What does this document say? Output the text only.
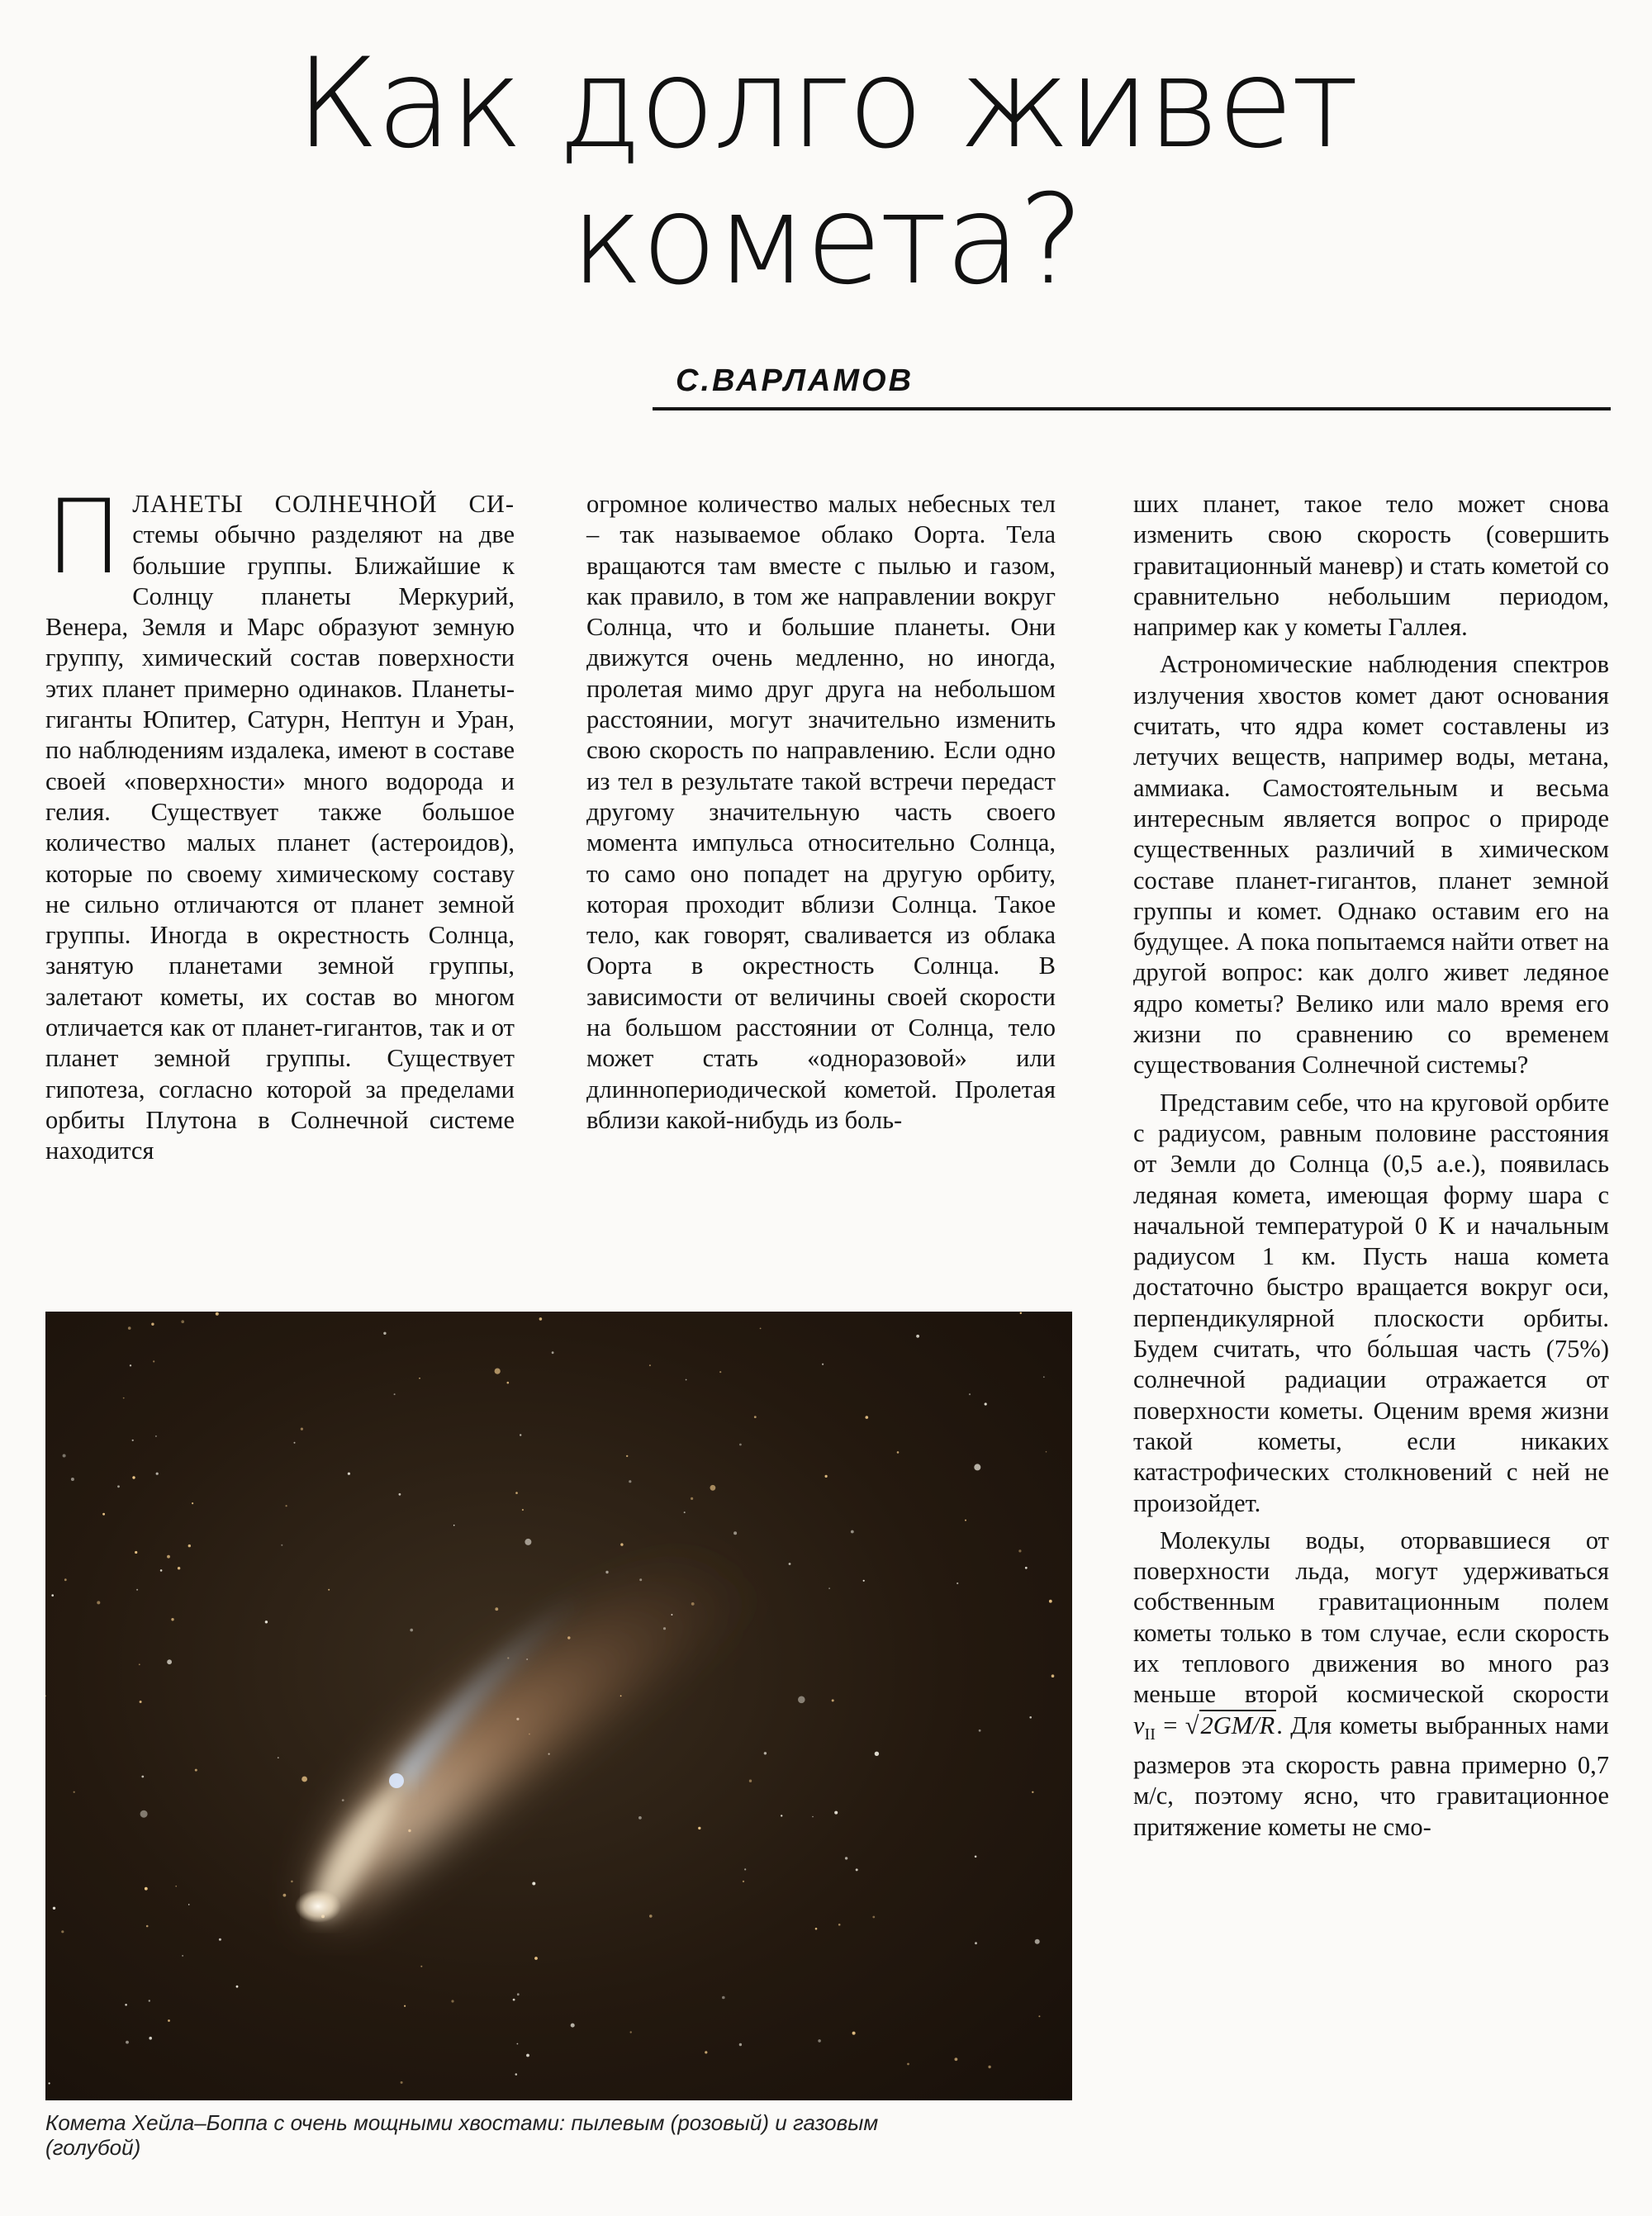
Как долго живет
комета?
С.ВАРЛАМОВ

ПЛАНЕТЫ СОЛНЕЧНОЙ СИ- стемы обычно разделяют на две большие группы. Ближайшие к Солнцу планеты Меркурий, Венера, Земля и Марс образуют земную группу, химический состав поверхности этих планет примерно одинаков. Планеты-гиганты Юпитер, Сатурн, Нептун и Уран, по наблюдениям издалека, имеют в составе своей «поверхности» много водорода и гелия. Существует также большое количество малых планет (астероидов), которые по своему химическому составу не сильно отличаются от планет земной группы. Иногда в окрестность Солнца, занятую планетами земной группы, залетают кометы, их состав во многом отличается как от планет-гигантов, так и от планет земной группы. Существует гипотеза, согласно которой за пределами орбиты Плутона в Солнечной системе находится

огромное количество малых небесных тел – так называемое облако Оорта. Тела вращаются там вместе с пылью и газом, как правило, в том же направлении вокруг Солнца, что и большие планеты. Они движутся очень медленно, но иногда, пролетая мимо друг друга на небольшом расстоянии, могут значительно изменить свою скорость по направлению. Если одно из тел в результате такой встречи передаст другому значительную часть своего момента импульса относительно Солнца, то само оно попадет на другую орбиту, которая проходит вблизи Солнца. Такое тело, как говорят, сваливается из облака Оорта в окрестность Солнца. В зависимости от величины своей скорости на большом расстоянии от Солнца, тело может стать «одноразовой» или длиннопериодической кометой. Пролетая вблизи какой-нибудь из боль-

ших планет, такое тело может снова изменить свою скорость (совершить гравитационный маневр) и стать кометой со сравнительно небольшим периодом, например как у кометы Галлея.

Астрономические наблюдения спектров излучения хвостов комет дают основания считать, что ядра комет составлены из летучих веществ, например воды, метана, аммиака. Самостоятельным и весьма интересным является вопрос о природе существенных различий в химическом составе планет-гигантов, планет земной группы и комет. Однако оставим его на будущее. А пока попытаемся найти ответ на другой вопрос: как долго живет ледяное ядро кометы? Велико или мало время его жизни по сравнению со временем существования Солнечной системы?

Представим себе, что на круговой орбите с радиусом, равным половине расстояния от Земли до Солнца (0,5 а.е.), появилась ледяная комета, имеющая форму шара с начальной температурой 0 К и начальным радиусом 1 км. Пусть наша комета достаточно быстро вращается вокруг оси, перпендикулярной плоскости орбиты. Будем считать, что бо́льшая часть (75%) солнечной радиации отражается от поверхности кометы. Оценим время жизни такой кометы, если никаких катастрофических столкновений с ней не произойдет.

Молекулы воды, оторвавшиеся от поверхности льда, могут удерживаться собственным гравитационным полем кометы только в том случае, если скорость их теплового движения во много раз меньше второй космической скорости $v_{II} = √2GM/R$. Для кометы выбранных нами размеров эта скорость равна примерно 0,7 м/с, поэтому ясно, что гравитационное притяжение кометы не смо-

Комета Хейла–Боппа с очень мощными хвостами: пылевым (розовый) и газовым
(голубой)
